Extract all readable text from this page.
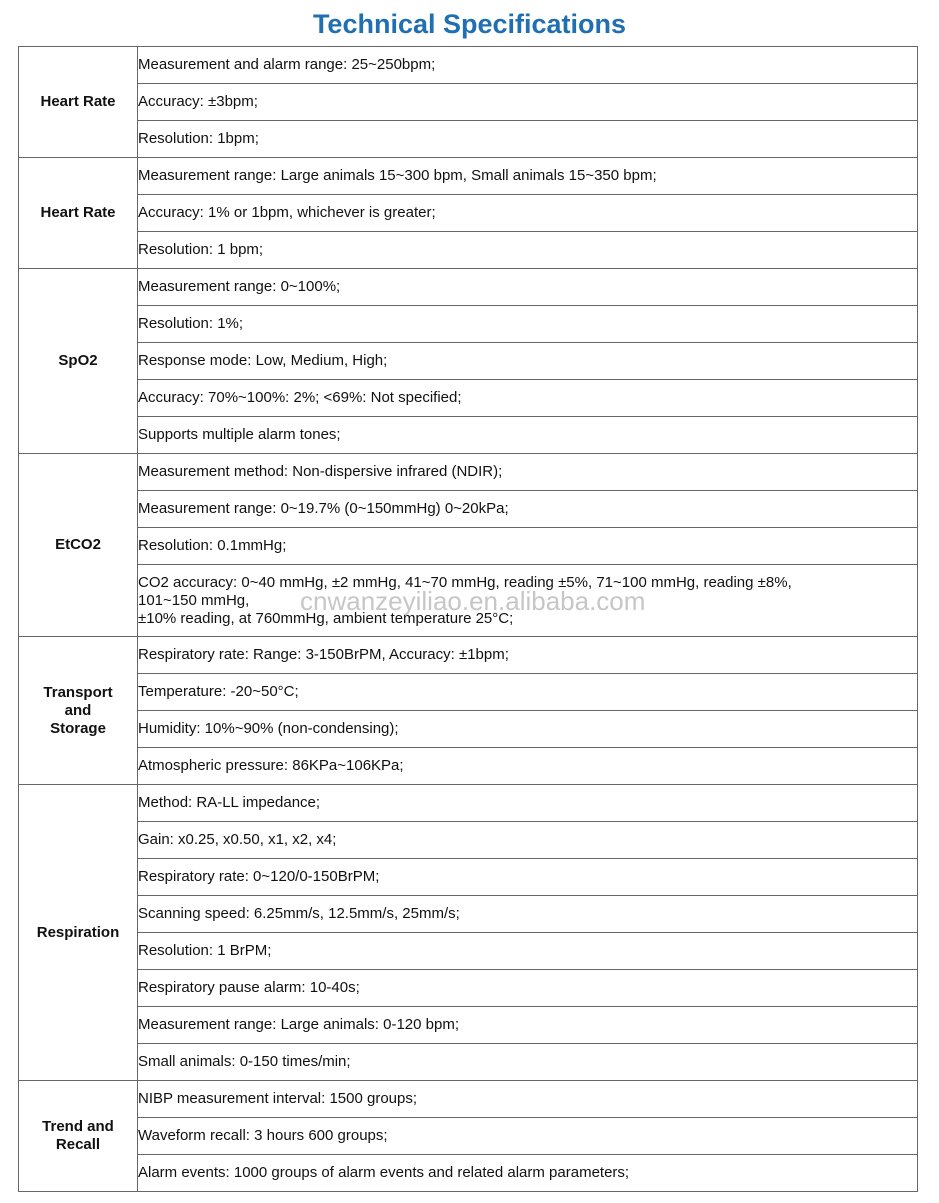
Technical Specifications
Heart Rate	Measurement and alarm range: 25~250bpm;
	Accuracy: ±3bpm;
	Resolution: 1bpm;
Heart Rate	Measurement range: Large animals 15~300 bpm, Small animals 15~350 bpm;
	Accuracy: 1% or 1bpm, whichever is greater;
	Resolution: 1 bpm;
SpO2	Measurement range: 0~100%;
	Resolution: 1%;
	Response mode: Low, Medium, High;
	Accuracy: 70%~100%: 2%; <69%: Not specified;
	Supports multiple alarm tones;
EtCO2	Measurement method: Non-dispersive infrared (NDIR);
	Measurement range: 0~19.7% (0~150mmHg) 0~20kPa;
	Resolution: 0.1mmHg;

	CO2 accuracy: 0~40 mmHg, ±2 mmHg, 41~70 mmHg, reading ±5%, 71~100 mmHg, reading ±8%,
101~150 mmHg,
±10% reading, at 760mmHg, ambient temperature 25°C;

Transport
and
Storage	Respiratory rate: Range: 3-150BrPM, Accuracy: ±1bpm;
	Temperature: -20~50°C;
	Humidity: 10%~90% (non-condensing);
	Atmospheric pressure: 86KPa~106KPa;
Respiration	Method: RA-LL impedance;
	Gain: x0.25, x0.50, x1, x2, x4;
	Respiratory rate: 0~120/0-150BrPM;
	Scanning speed: 6.25mm/s, 12.5mm/s, 25mm/s;
	Resolution: 1 BrPM;
	Respiratory pause alarm: 10-40s;
	Measurement range: Large animals: 0-120 bpm;
	Small animals: 0-150 times/min;

Trend and
Recall	NIBP measurement interval: 1500 groups;
	Waveform recall: 3 hours 600 groups;
	Alarm events: 1000 groups of alarm events and related alarm parameters;
cnwanzeyiliao.en.alibaba.com
